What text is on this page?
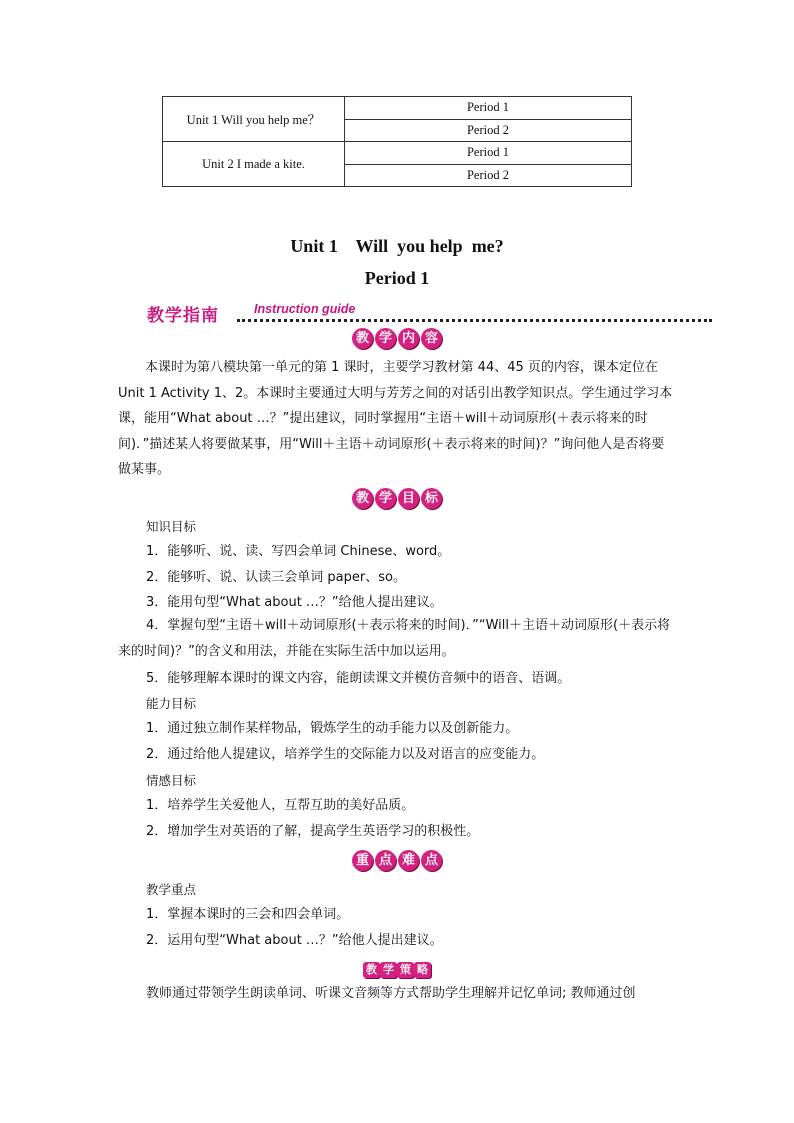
Unit 1 Will you help me？	Period 1
	Period 2
Unit 2 I made a kite.	Period 1
	Period 2
Unit 1    Will  you help  me?
Period 1
教学指南	Instruction guide
教 学 内 容

本课时为第八模块第一单元的第 1 课时，主要学习教材第 44、45 页的内容，课本定位在 Unit 1 Activity 1、2。本课时主要通过大明与芳芳之间的对话引出教学知识点。学生通过学习本课，能用“What about …？”提出建议，同时掌握用“主语＋will＋动词原形(＋表示将来的时间)．”描述某人将要做某事，用“Will＋主语＋动词原形(＋表示将来的时间)？”询问他人是否将要做某事。

教 学 目 标
知识目标
1．能够听、说、读、写四会单词 Chinese、word。
2．能够听、说、认读三会单词 paper、so。
3．能用句型“What about …？”给他人提出建议。
4．掌握句型“主语＋will＋动词原形(＋表示将来的时间)．”“Will＋主语＋动词原形(＋表示将来的时间)？”的含义和用法，并能在实际生活中加以运用。
5．能够理解本课时的课文内容，能朗读课文并模仿音频中的语音、语调。
能力目标
1．通过独立制作某样物品，锻炼学生的动手能力以及创新能力。
2．通过给他人提建议，培养学生的交际能力以及对语言的应变能力。
情感目标
1．培养学生关爱他人，互帮互助的美好品质。
2．增加学生对英语的了解，提高学生英语学习的积极性。
重 点 难 点
教学重点
1．掌握本课时的三会和四会单词。
2．运用句型“What about …？”给他人提出建议。
教 学 策 略
教师通过带领学生朗读单词、听课文音频等方式帮助学生理解并记忆单词; 教师通过创
